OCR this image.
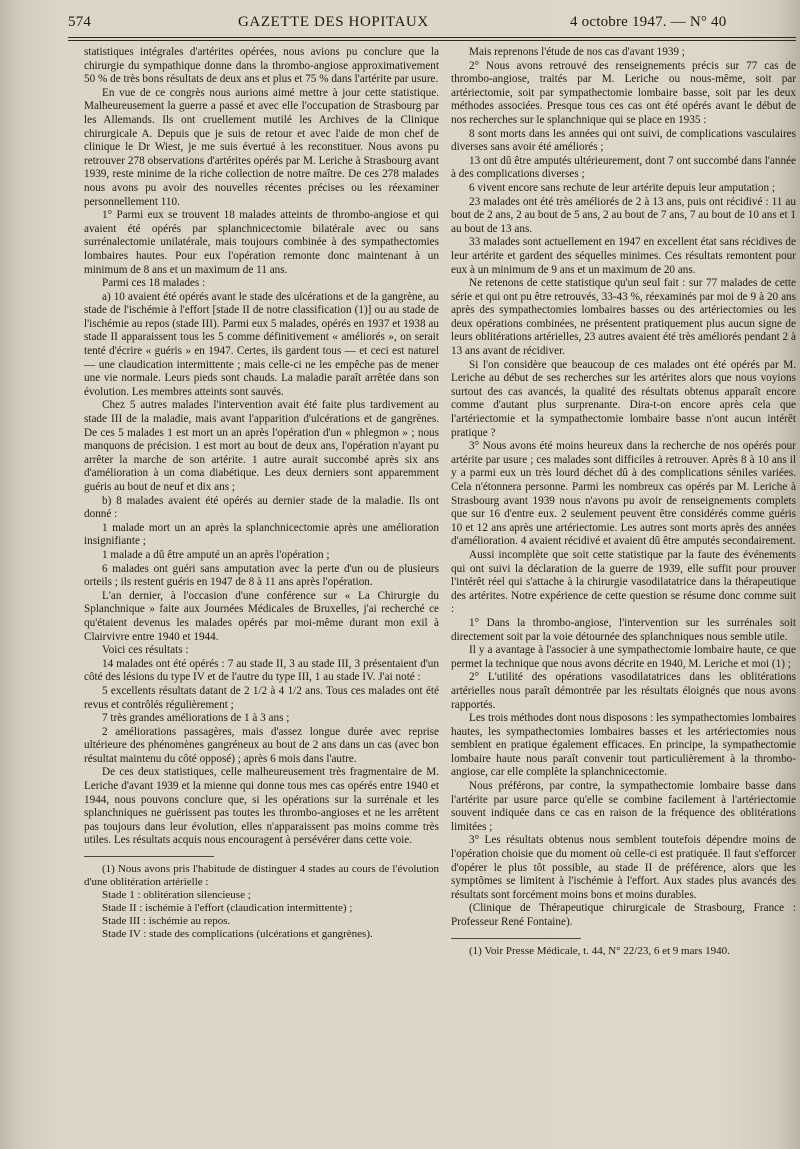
574	GAZETTE DES HOPITAUX	4 octobre 1947. — N° 40

statistiques intégrales d'artérites opérées, nous avions pu conclure que la chirurgie du sympathique donne dans la thrombo-angiose approximativement 50 % de très bons résultats de deux ans et plus et 75 % dans l'artérite par usure.

En vue de ce congrès nous aurions aimé mettre à jour cette statistique. Malheureusement la guerre a passé et avec elle l'occupation de Strasbourg par les Allemands. Ils ont cruellement mutilé les Archives de la Clinique chirurgicale A. Depuis que je suis de retour et avec l'aide de mon chef de clinique le Dr Wiest, je me suis évertué à les reconstituer. Nous avons pu retrouver 278 observations d'artérites opérés par M. Leriche à Strasbourg avant 1939, reste minime de la riche collection de notre maître. De ces 278 malades nous avons pu avoir des nouvelles récentes précises ou les réexaminer personnellement 110.

1° Parmi eux se trouvent 18 malades atteints de thrombo-angiose et qui avaient été opérés par splanchnicectomie bilatérale avec ou sans surrénalectomie unilatérale, mais toujours combinée à des sympathectomies lombaires hautes. Pour eux l'opération remonte donc maintenant à un minimum de 8 ans et un maximum de 11 ans.

Parmi ces 18 malades :

a) 10 avaient été opérés avant le stade des ulcérations et de la gangrène, au stade de l'ischémie à l'effort [stade II de notre classification (1)] ou au stade de l'ischémie au repos (stade III). Parmi eux 5 malades, opérés en 1937 et 1938 au stade II apparaissent tous les 5 comme définitivement « améliorés », on serait tenté d'écrire « guéris » en 1947. Certes, ils gardent tous — et ceci est naturel — une claudication intermittente ; mais celle-ci ne les empêche pas de mener une vie normale. Leurs pieds sont chauds. La maladie paraît arrêtée dans son évolution. Les membres atteints sont sauvés.

Chez 5 autres malades l'intervention avait été faite plus tardivement au stade III de la maladie, mais avant l'apparition d'ulcérations et de gangrènes. De ces 5 malades 1 est mort un an après l'opération d'un « phlegmon » ; nous manquons de précision. 1 est mort au bout de deux ans, l'opération n'ayant pu arrêter la marche de son artérite. 1 autre aurait succombé après six ans d'amélioration à un coma diabétique. Les deux derniers sont apparemment guéris au bout de neuf et dix ans ;

b) 8 malades avaient été opérés au dernier stade de la maladie. Ils ont donné :

1 malade mort un an après la splanchnicectomie après une amélioration insignifiante ;

1 malade a dû être amputé un an après l'opération ;

6 malades ont guéri sans amputation avec la perte d'un ou de plusieurs orteils ; ils restent guéris en 1947 de 8 à 11 ans après l'opération.

L'an dernier, à l'occasion d'une conférence sur « La Chirurgie du Splanchnique » faite aux Journées Médicales de Bruxelles, j'ai recherché ce qu'étaient devenus les malades opérés par moi-même durant mon exil à Clairvivre entre 1940 et 1944.

Voici ces résultats :

14 malades ont été opérés : 7 au stade II, 3 au stade III, 3 présentaient d'un côté des lésions du type IV et de l'autre du type III, 1 au stade IV. J'ai noté :

5 excellents résultats datant de 2 1/2 à 4 1/2 ans. Tous ces malades ont été revus et contrôlés régulièrement ;

7 très grandes améliorations de 1 à 3 ans ;

2 améliorations passagères, mais d'assez longue durée avec reprise ultérieure des phénomènes gangréneux au bout de 2 ans dans un cas (avec bon résultat maintenu du côté opposé) ; après 6 mois dans l'autre.

De ces deux statistiques, celle malheureusement très fragmentaire de M. Leriche d'avant 1939 et la mienne qui donne tous mes cas opérés entre 1940 et 1944, nous pouvons conclure que, si les opérations sur la surrénale et les splanchniques ne guérissent pas toutes les thrombo-angioses et ne les arrêtent pas toujours dans leur évolution, elles n'apparaissent pas moins comme très utiles. Les résultats acquis nous encouragent à persévérer dans cette voie.

(1) Nous avons pris l'habitude de distinguer 4 stades au cours de l'évolution d'une oblitération artérielle :

Stade 1 : oblitération silencieuse ;

Stade II : ischémie à l'effort (claudication intermittente) ;

Stade III : ischémie au repos.

Stade IV : stade des complications (ulcérations et gangrènes).

Mais reprenons l'étude de nos cas d'avant 1939 ;

2° Nous avons retrouvé des renseignements précis sur 77 cas de thrombo-angiose, traités par M. Leriche ou nous-même, soit par artériectomie, soit par sympathectomie lombaire basse, soit par les deux méthodes associées. Presque tous ces cas ont été opérés avant le début de nos recherches sur le splanchnique qui se place en 1935 :

8 sont morts dans les années qui ont suivi, de complications vasculaires diverses sans avoir été améliorés ;

13 ont dû être amputés ultérieurement, dont 7 ont succombé dans l'année à des complications diverses ;

6 vivent encore sans rechute de leur artérite depuis leur amputation ;

23 malades ont été très améliorés de 2 à 13 ans, puis ont récidivé : 11 au bout de 2 ans, 2 au bout de 5 ans, 2 au bout de 7 ans, 7 au bout de 10 ans et 1 au bout de 13 ans.

33 malades sont actuellement en 1947 en excellent état sans récidives de leur artérite et gardent des séquelles minimes. Ces résultats remontent pour eux à un minimum de 9 ans et un maximum de 20 ans.

Ne retenons de cette statistique qu'un seul fait : sur 77 malades de cette série et qui ont pu être retrouvés, 33-43 %, réexaminés par moi de 9 à 20 ans après des sympathectomies lombaires basses ou des artériectomies ou les deux opérations combinées, ne présentent pratiquement plus aucun signe de leurs oblitérations artérielles, 23 autres avaient été très améliorés pendant 2 à 13 ans avant de récidiver.

Si l'on considère que beaucoup de ces malades ont été opérés par M. Leriche au début de ses recherches sur les artérites alors que nous voyions surtout des cas avancés, la qualité des résultats obtenus apparaît encore comme d'autant plus surprenante. Dira-t-on encore après cela que l'artériectomie et la sympathectomie lombaire basse n'ont aucun intérêt pratique ?

3° Nous avons été moins heureux dans la recherche de nos opérés pour artérite par usure ; ces malades sont difficiles à retrouver. Après 8 à 10 ans il y a parmi eux un très lourd déchet dû à des complications séniles variées. Cela n'étonnera personne. Parmi les nombreux cas opérés par M. Leriche à Strasbourg avant 1939 nous n'avons pu avoir de renseignements complets que sur 16 d'entre eux. 2 seulement peuvent être considérés comme guéris 10 et 12 ans après une artériectomie. Les autres sont morts après des années d'amélioration. 4 avaient récidivé et avaient dû être amputés secondairement.

Aussi incomplète que soit cette statistique par la faute des événements qui ont suivi la déclaration de la guerre de 1939, elle suffit pour prouver l'intérêt réel qui s'attache à la chirurgie vasodilatatrice dans la thérapeutique des artérites. Notre expérience de cette question se résume donc comme suit :

1° Dans la thrombo-angiose, l'intervention sur les surrénales soit directement soit par la voie détournée des splanchniques nous semble utile.

Il y a avantage à l'associer à une sympathectomie lombaire haute, ce que permet la technique que nous avons décrite en 1940, M. Leriche et moi (1) ;

2° L'utilité des opérations vasodilatatrices dans les oblitérations artérielles nous paraît démontrée par les résultats éloignés que nous avons rapportés.

Les trois méthodes dont nous disposons : les sympathectomies lombaires hautes, les sympathectomies lombaires basses et les artériectomies nous semblent en pratique également efficaces. En principe, la sympathectomie lombaire haute nous paraît convenir tout particulièrement à la thrombo-angiose, car elle complète la splanchnicectomie.

Nous préférons, par contre, la sympathectomie lombaire basse dans l'artérite par usure parce qu'elle se combine facilement à l'artériectomie souvent indiquée dans ce cas en raison de la fréquence des oblitérations limitées ;

3° Les résultats obtenus nous semblent toutefois dépendre moins de l'opération choisie que du moment où celle-ci est pratiquée. Il faut s'efforcer d'opérer le plus tôt possible, au stade II de préférence, alors que les symptômes se limitent à l'ischémie à l'effort. Aux stades plus avancés des résultats sont forcément moins bons et moins durables.

(Clinique de Thérapeutique chirurgicale de Strasbourg, France : Professeur René Fontaine).

(1) Voir Presse Médicale, t. 44, N° 22/23, 6 et 9 mars 1940.
